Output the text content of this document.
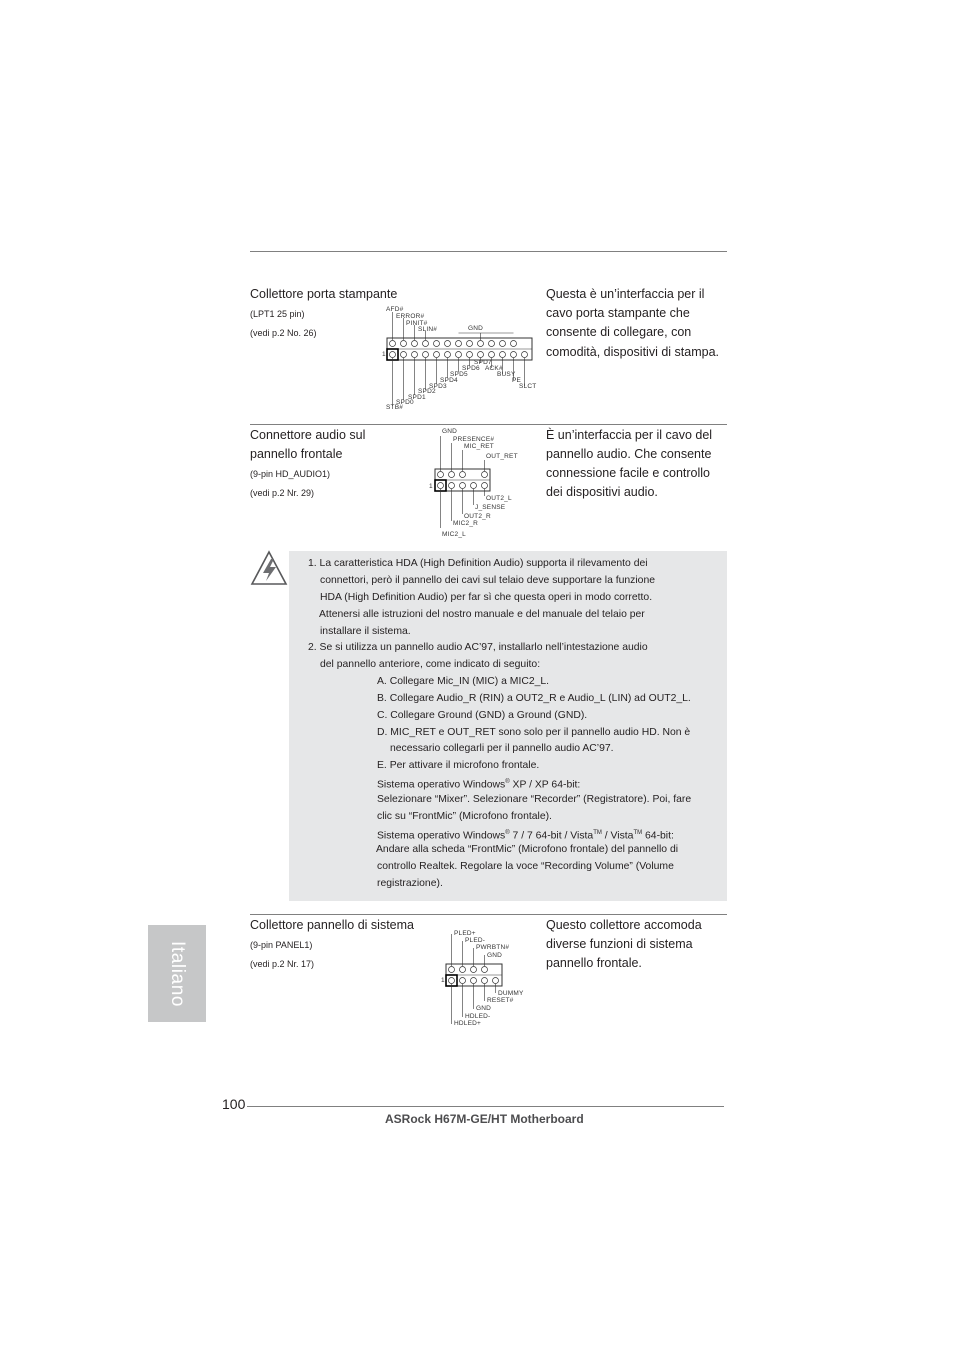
Collettore porta stampante
(LPT1 25 pin)
(vedi p.2 No. 26)
Questa è un’interfaccia per il
cavo porta stampante che
consente di collegare, con
comodità, dispositivi di stampa.
AFD#
ERROR#
PINIT#
SLIN#	GND
1
SPD7
SPD6 ACK#
SPD5	BUSY
SPD4	PE
SPD3	SLCT
SPD2
SPD1
SPD0
STB#
Connettore audio sul
pannello frontale
(9-pin HD_AUDIO1)
(vedi p.2 Nr. 29)
È un’interfaccia per il cavo del
pannello audio. Che consente
connessione facile e controllo
dei dispositivi audio.
GND
PRESENCE#
MIC_RET
OUT_RET
1
OUT2_L
J_SENSE
OUT2_R
MIC2_R
MIC2_L
1. La caratteristica HDA (High Definition Audio) supporta il rilevamento dei
connettori, però il pannello dei cavi sul telaio deve supportare la funzione
HDA (High Definition Audio) per far sì che questa operi in modo corretto.
Attenersi alle istruzioni del nostro manuale e del manuale del telaio per
installare il sistema.
2. Se si utilizza un pannello audio AC’97, installarlo nell’intestazione audio
del pannello anteriore, come indicato di seguito:
A. Collegare Mic_IN (MIC) a MIC2_L.
B. Collegare Audio_R (RIN) a OUT2_R e Audio_L (LIN) ad OUT2_L.
C. Collegare Ground (GND) a Ground (GND).
D. MIC_RET e OUT_RET sono solo per il pannello audio HD. Non è
necessario collegarli per il pannello audio AC’97.
E. Per attivare il microfono frontale.
Sistema operativo Windows® XP / XP 64-bit:
Selezionare “Mixer”. Selezionare “Recorder” (Registratore). Poi, fare
clic su “FrontMic” (Microfono frontale).
Sistema operativo Windows® 7 / 7 64-bit / Vista™ / Vista™ 64-bit:
Andare alla scheda “FrontMic” (Microfono frontale) del pannello di
controllo Realtek. Regolare la voce “Recording Volume” (Volume
registrazione).
Collettore pannello di sistema
(9-pin PANEL1)
(vedi p.2 Nr. 17)
Questo collettore accomoda
diverse funzioni di sistema
pannello frontale.
PLED+
PLED-
PWRBTN#
GND
1
DUMMY
RESET#
GND
HDLED-
HDLED+
Italiano
100
ASRock H67M-GE/HT Motherboard
